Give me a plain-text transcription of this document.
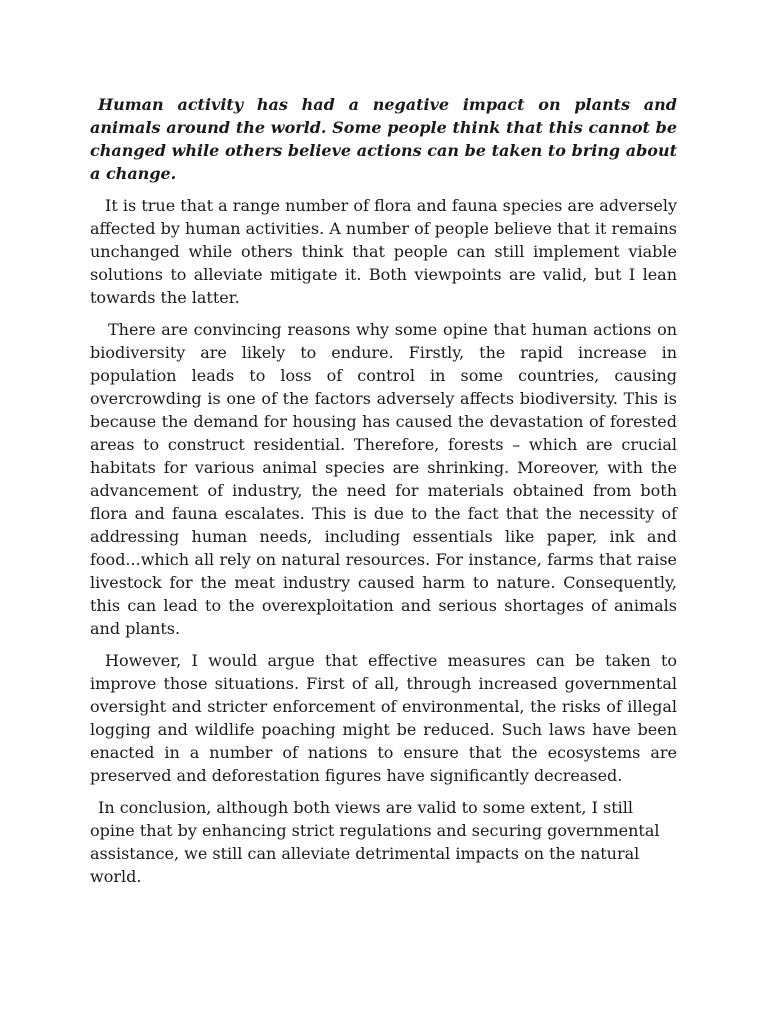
Human activity has had a negative impact on plants and animals around the world. Some people think that this cannot be changed while others believe actions can be taken to bring about a change.

It is true that a range number of flora and fauna species are adversely affected by human activities. A number of people believe that it remains unchanged while others think that people can still implement viable solutions to alleviate mitigate it. Both viewpoints are valid, but I lean towards the latter.

There are convincing reasons why some opine that human actions on biodiversity are likely to endure. Firstly, the rapid increase in population leads to loss of control in some countries, causing overcrowding is one of the factors adversely affects biodiversity. This is because the demand for housing has caused the devastation of forested areas to construct residential. Therefore, forests – which are crucial habitats for various animal species are shrinking. Moreover, with the advancement of industry, the need for materials obtained from both flora and fauna escalates. This is due to the fact that the necessity of addressing human needs, including essentials like paper, ink and food...which all rely on natural resources. For instance, farms that raise livestock for the meat industry caused harm to nature. Consequently, this can lead to the overexploitation and serious shortages of animals and plants.

However, I would argue that effective measures can be taken to improve those situations. First of all, through increased governmental oversight and stricter enforcement of environmental, the risks of illegal logging and wildlife poaching might be reduced. Such laws have been enacted in a number of nations to ensure that the ecosystems are preserved and deforestation figures have significantly decreased.

In conclusion, although both views are valid to some extent, I still opine that by enhancing strict regulations and securing governmental assistance, we still can alleviate detrimental impacts on the natural world.
